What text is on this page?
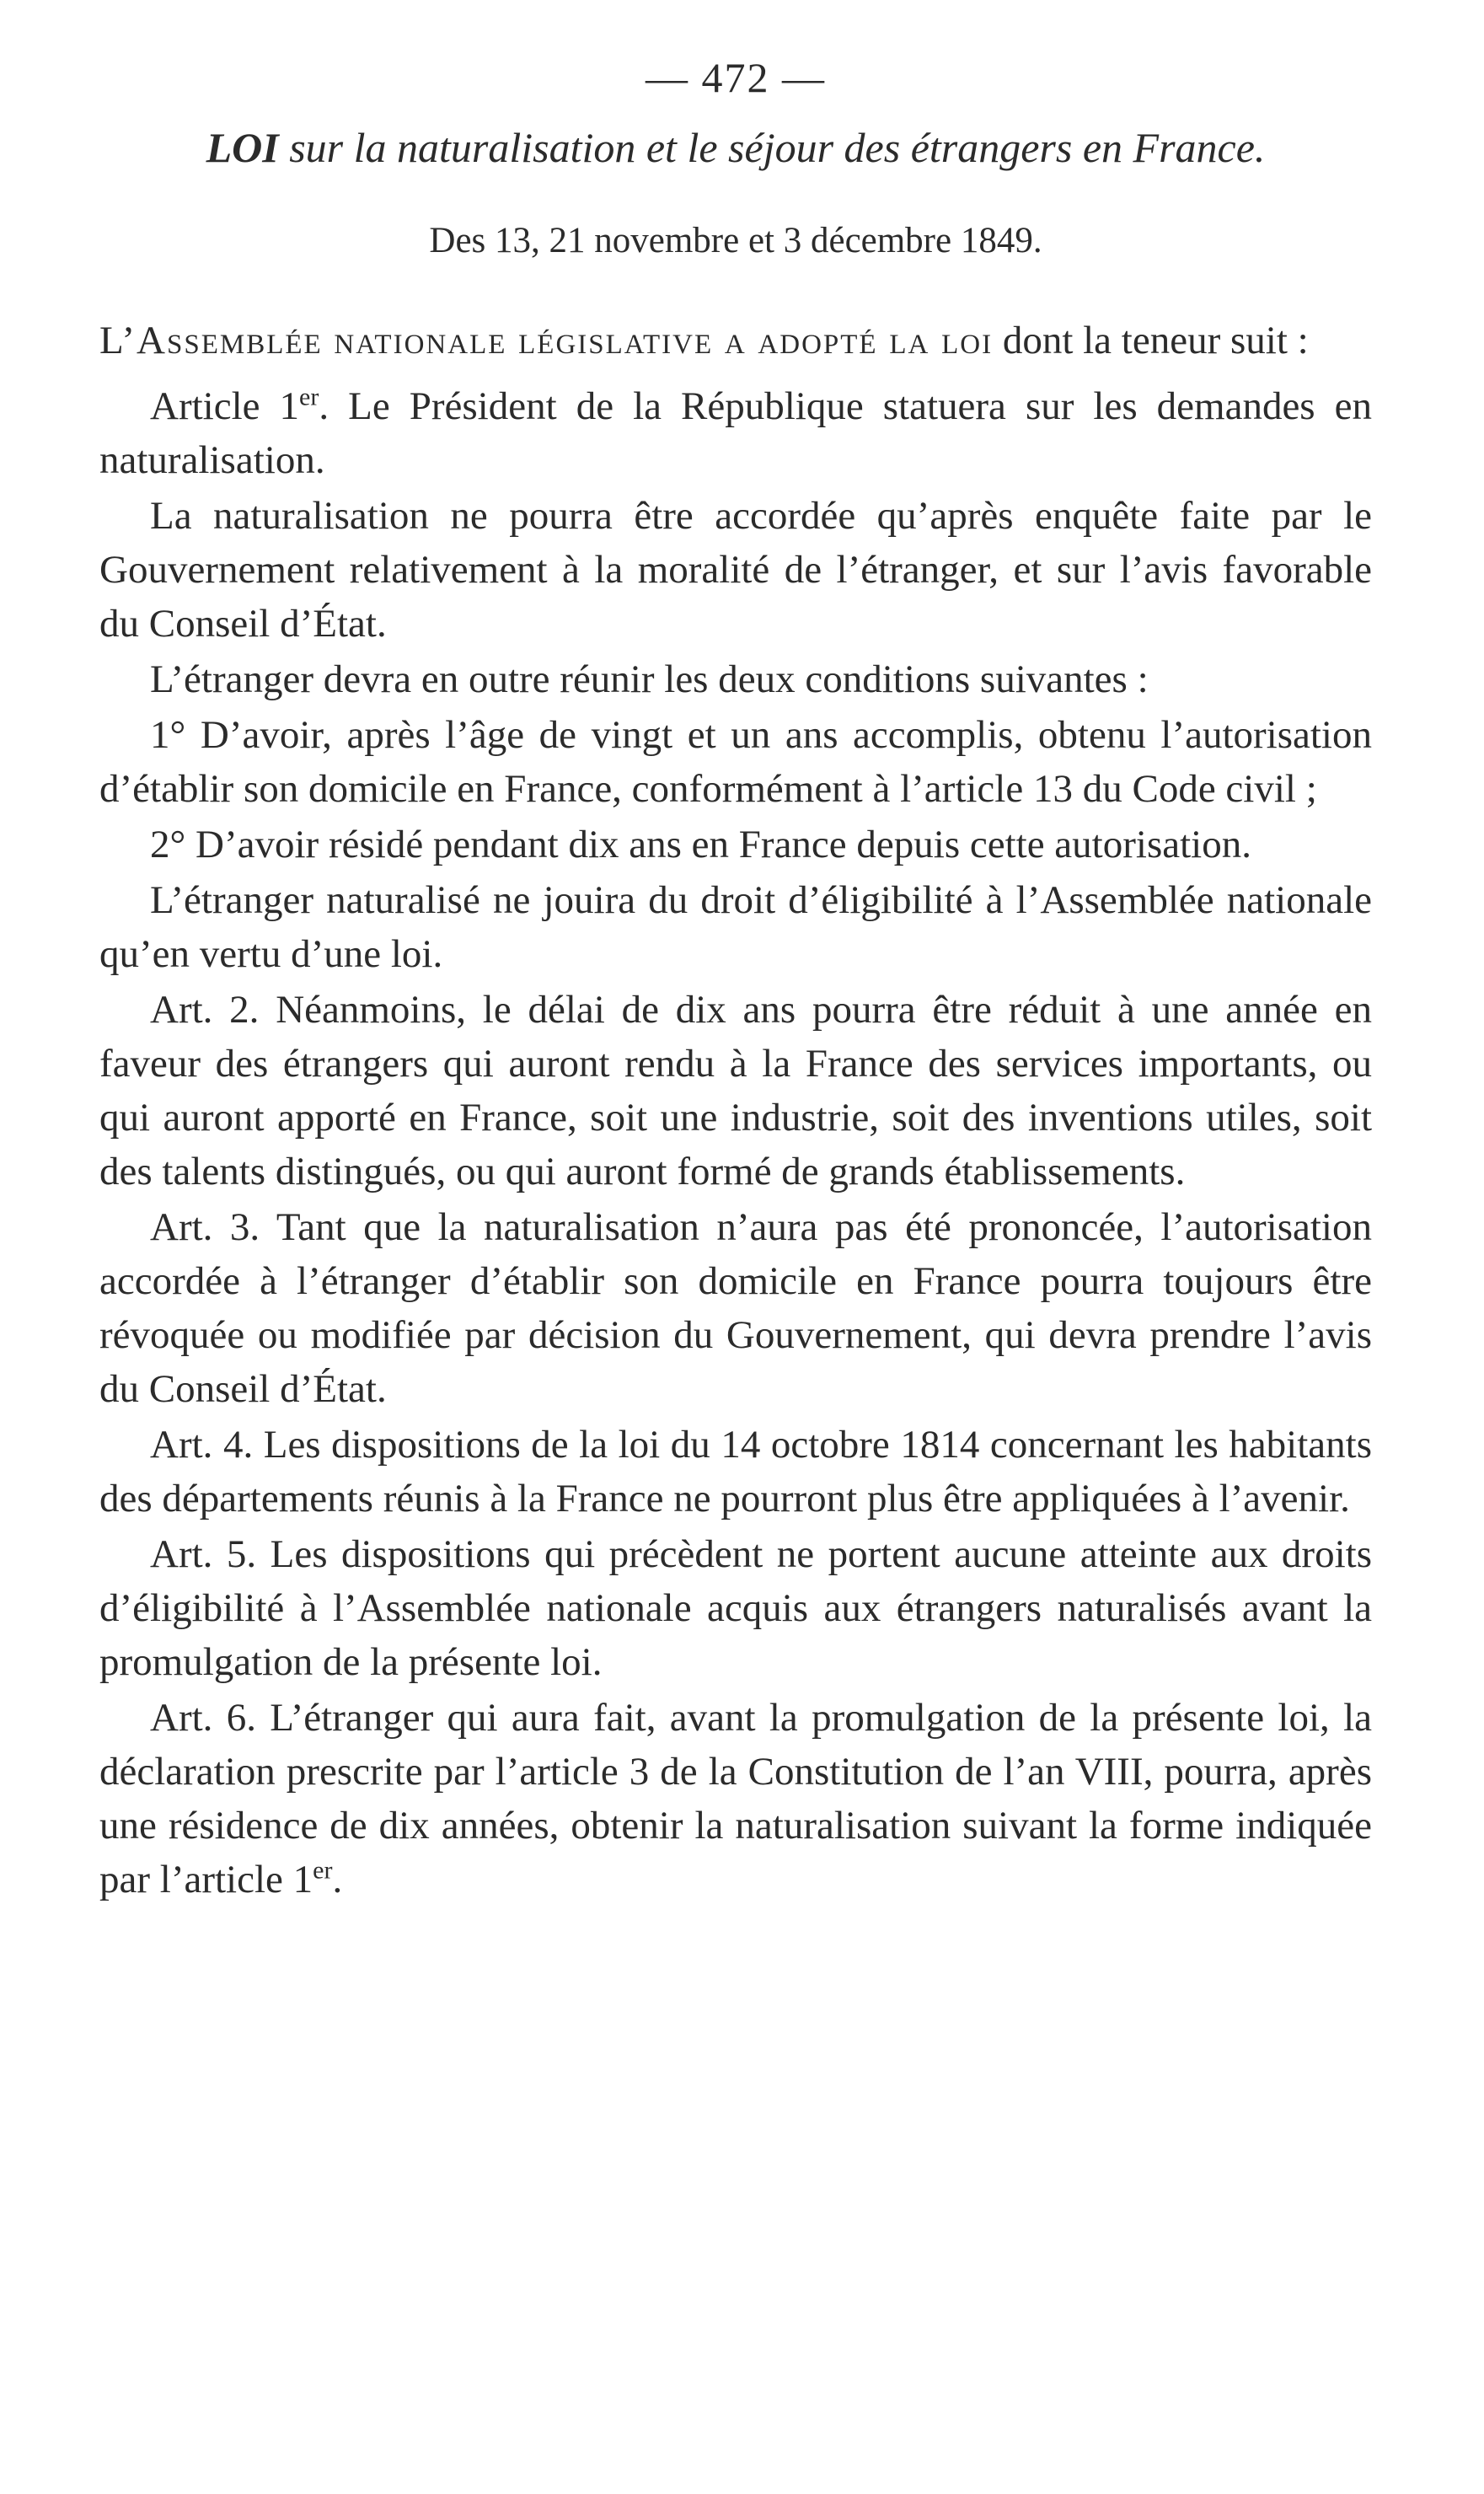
— 472 —
LOI sur la naturalisation et le séjour des étrangers en France.
Des 13, 21 novembre et 3 décembre 1849.
L’Assemblée nationale législative a adopté la loi dont la teneur suit :
Article 1er. Le Président de la République statuera sur les demandes en naturalisation.
La naturalisation ne pourra être accordée qu’après enquête faite par le Gouvernement relativement à la moralité de l’étranger, et sur l’avis favorable du Conseil d’État.
L’étranger devra en outre réunir les deux conditions suivantes :
1° D’avoir, après l’âge de vingt et un ans accomplis, obtenu l’autorisation d’établir son domicile en France, conformément à l’article 13 du Code civil ;
2° D’avoir résidé pendant dix ans en France depuis cette autorisation.
L’étranger naturalisé ne jouira du droit d’éligibilité à l’Assemblée nationale qu’en vertu d’une loi.
Art. 2. Néanmoins, le délai de dix ans pourra être réduit à une année en faveur des étrangers qui auront rendu à la France des services importants, ou qui auront apporté en France, soit une industrie, soit des inventions utiles, soit des talents distingués, ou qui auront formé de grands établissements.
Art. 3. Tant que la naturalisation n’aura pas été prononcée, l’autorisation accordée à l’étranger d’établir son domicile en France pourra toujours être révoquée ou modifiée par décision du Gouvernement, qui devra prendre l’avis du Conseil d’État.
Art. 4. Les dispositions de la loi du 14 octobre 1814 concernant les habitants des départements réunis à la France ne pourront plus être appliquées à l’avenir.
Art. 5. Les dispositions qui précèdent ne portent aucune atteinte aux droits d’éligibilité à l’Assemblée nationale acquis aux étrangers naturalisés avant la promulgation de la présente loi.
Art. 6. L’étranger qui aura fait, avant la promulgation de la présente loi, la déclaration prescrite par l’article 3 de la Constitution de l’an VIII, pourra, après une résidence de dix années, obtenir la naturalisation suivant la forme indiquée par l’article 1er.
